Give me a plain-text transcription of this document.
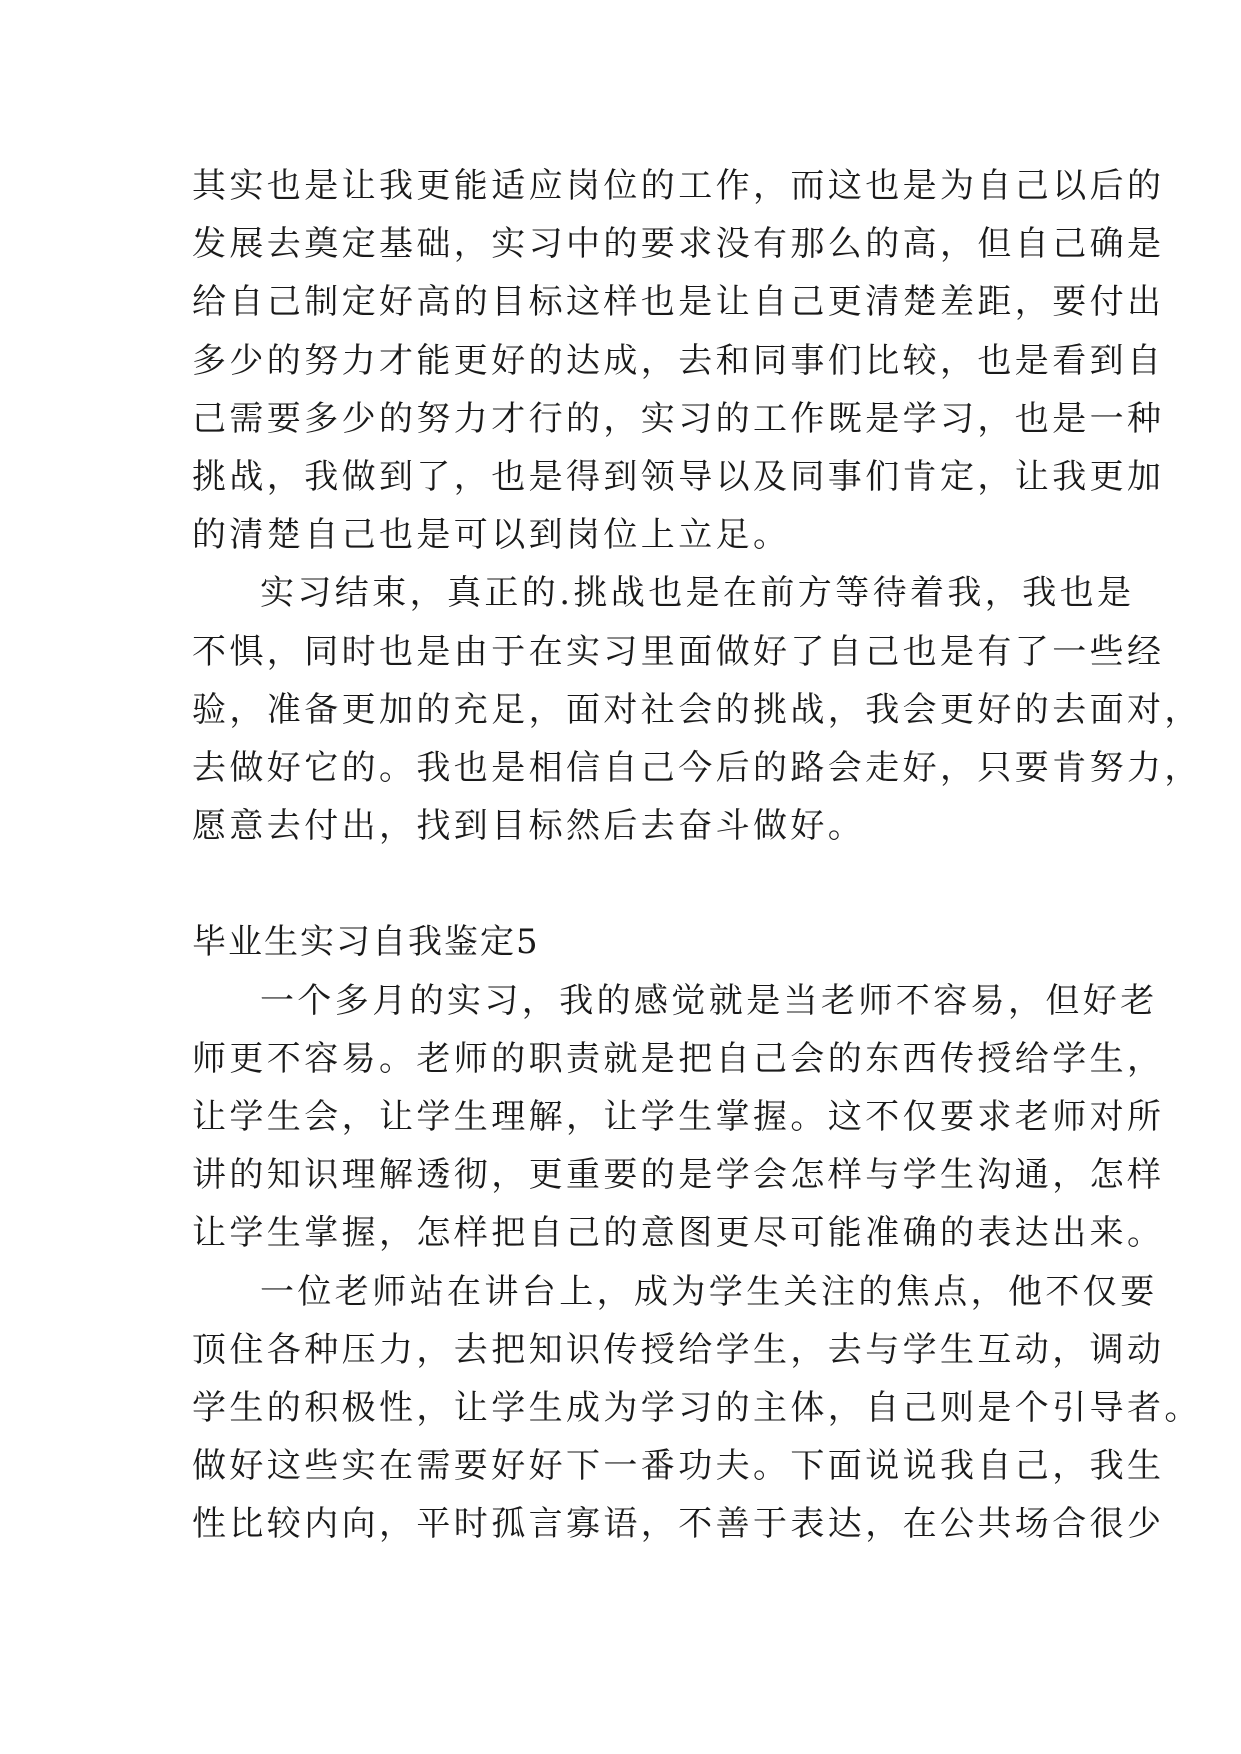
其实也是让我更能适应岗位的工作，而这也是为自己以后的
发展去奠定基础，实习中的要求没有那么的高，但自己确是
给自己制定好高的目标这样也是让自己更清楚差距，要付出
多少的努力才能更好的达成，去和同事们比较，也是看到自
己需要多少的努力才行的，实习的工作既是学习，也是一种
挑战，我做到了，也是得到领导以及同事们肯定，让我更加
的清楚自己也是可以到岗位上立足。
实习结束，真正的.挑战也是在前方等待着我，我也是
不惧，同时也是由于在实习里面做好了自己也是有了一些经
验，准备更加的充足，面对社会的挑战，我会更好的去面对，
去做好它的。我也是相信自己今后的路会走好，只要肯努力，
愿意去付出，找到目标然后去奋斗做好。
毕业生实习自我鉴定5
一个多月的实习，我的感觉就是当老师不容易，但好老
师更不容易。老师的职责就是把自己会的东西传授给学生，
让学生会，让学生理解，让学生掌握。这不仅要求老师对所
讲的知识理解透彻，更重要的是学会怎样与学生沟通，怎样
让学生掌握，怎样把自己的意图更尽可能准确的表达出来。
一位老师站在讲台上，成为学生关注的焦点，他不仅要
顶住各种压力，去把知识传授给学生，去与学生互动，调动
学生的积极性，让学生成为学习的主体，自己则是个引导者。
做好这些实在需要好好下一番功夫。下面说说我自己，我生
性比较内向，平时孤言寡语，不善于表达，在公共场合很少
